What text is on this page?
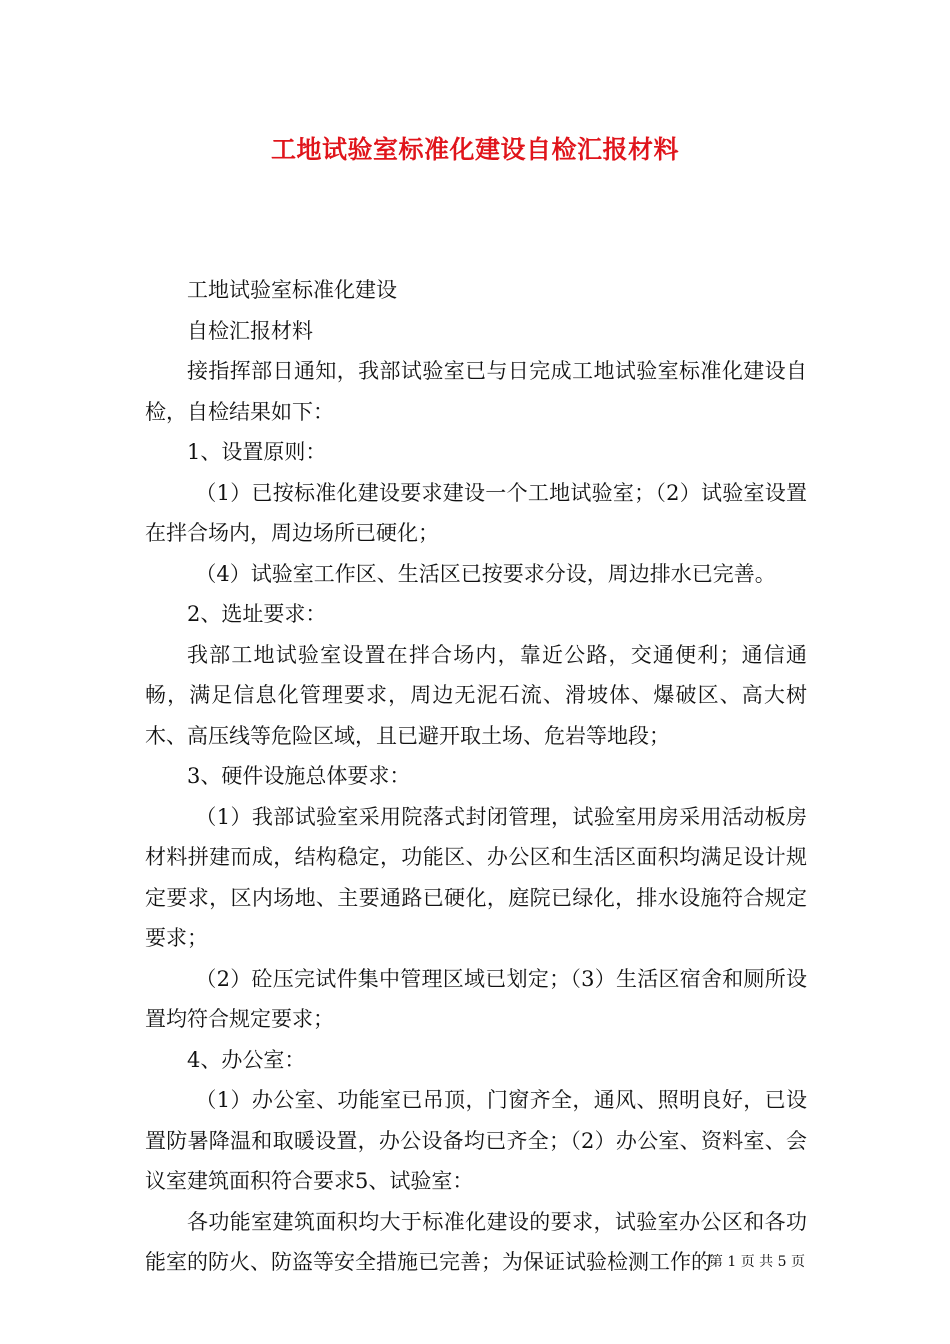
工地试验室标准化建设自检汇报材料

工地试验室标准化建设

自检汇报材料

接指挥部日通知，我部试验室已与日完成工地试验室标准化建设自检，自检结果如下：

1、设置原则：

（1）已按标准化建设要求建设一个工地试验室；（2）试验室设置在拌合场内，周边场所已硬化；

（4）试验室工作区、生活区已按要求分设，周边排水已完善。

2、选址要求：

我部工地试验室设置在拌合场内，靠近公路，交通便利；通信通畅，满足信息化管理要求，周边无泥石流、滑坡体、爆破区、高大树木、高压线等危险区域，且已避开取土场、危岩等地段；

3、硬件设施总体要求：

（1）我部试验室采用院落式封闭管理，试验室用房采用活动板房材料拼建而成，结构稳定，功能区、办公区和生活区面积均满足设计规定要求，区内场地、主要通路已硬化，庭院已绿化，排水设施符合规定要求；

（2）砼压完试件集中管理区域已划定；（3）生活区宿舍和厕所设置均符合规定要求；

4、办公室：

（1）办公室、功能室已吊顶，门窗齐全，通风、照明良好，已设置防暑降温和取暖设置，办公设备均已齐全；（2）办公室、资料室、会议室建筑面积符合要求5、试验室：

各功能室建筑面积均大于标准化建设的要求，试验室办公区和各功能室的防火、防盗等安全措施已完善；为保证试验检测工作的

第 1 页 共 5 页
